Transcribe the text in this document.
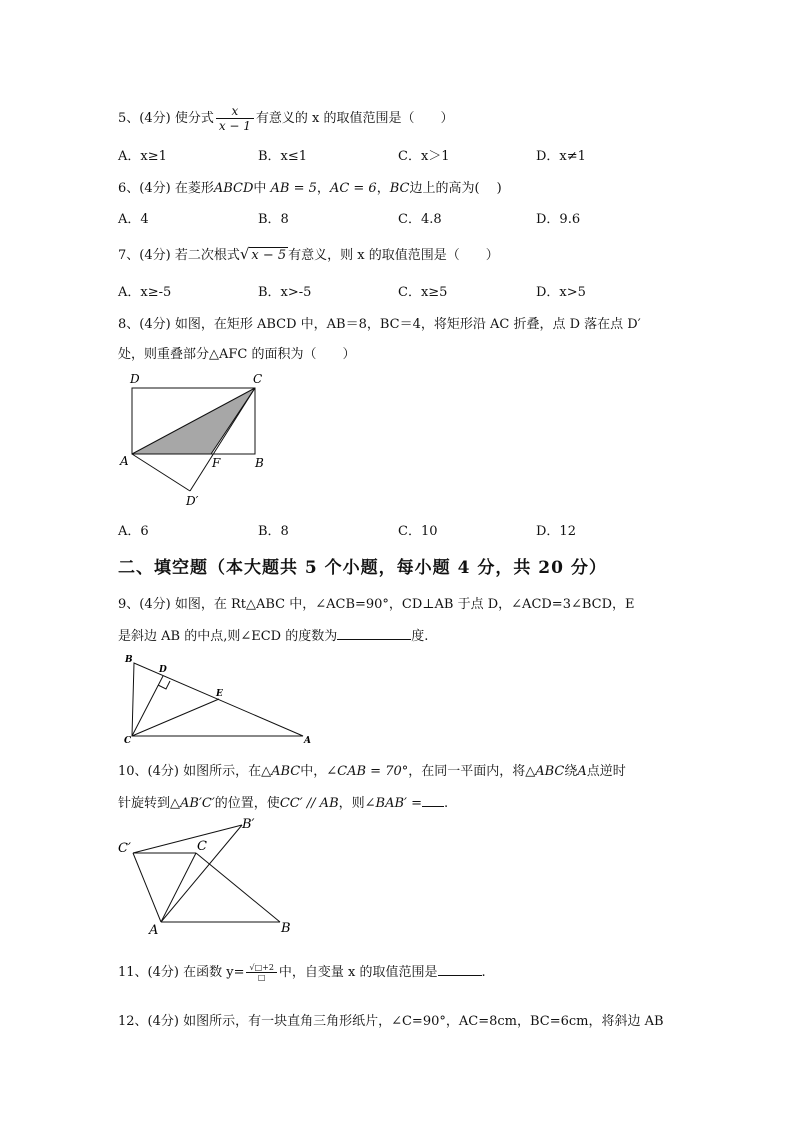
5、(4分) 使分式 $\frac{x}{x - 1}$ 有意义的 x 的取值范围是（　　）
A．x≥1	B．x≤1	C．x＞1	D．x≠1
6、(4分) 在菱形ABCD中 AB = 5，AC = 6，BC边上的高为(　 )
A．4	B．8	C．4.8	D．9.6
7、(4分) 若二次根式√ x − 5 有意义，则 x 的取值范围是（　　）
A．x≥-5	B．x>-5	C．x≥5	D．x>5
8、(4分) 如图，在矩形 ABCD 中，AB＝8，BC＝4，将矩形沿 AC 折叠，点 D 落在点 D′
处，则重叠部分△AFC 的面积为（　　）
D	C
A	F	B
D′
A．6	B．8	C．10	D．12
二、填空题（本大题共 5 个小题，每小题 4 分，共 20 分）
9、(4分) 如图，在 Rt△ABC 中，∠ACB=90°，CD⊥AB 于点 D，∠ACD=3∠BCD，E
是斜边 AB 的中点,则∠ECD 的度数为	度.
B
D
E
C	A
10、(4分) 如图所示，在△ABC中，∠CAB = 70°，在同一平面内，将△ABC绕A点逆时
针旋转到△AB′C′的位置，使CC′ // AB，则∠BAB′ = .
C′	C
B′
A	B
11、(4分) 在函数 $y= \frac{√□+2}{□}$ 中，自变量 x 的取值范围是	.
12、(4分) 如图所示，有一块直角三角形纸片，∠C=90°，AC=8cm，BC=6cm，将斜边 AB
